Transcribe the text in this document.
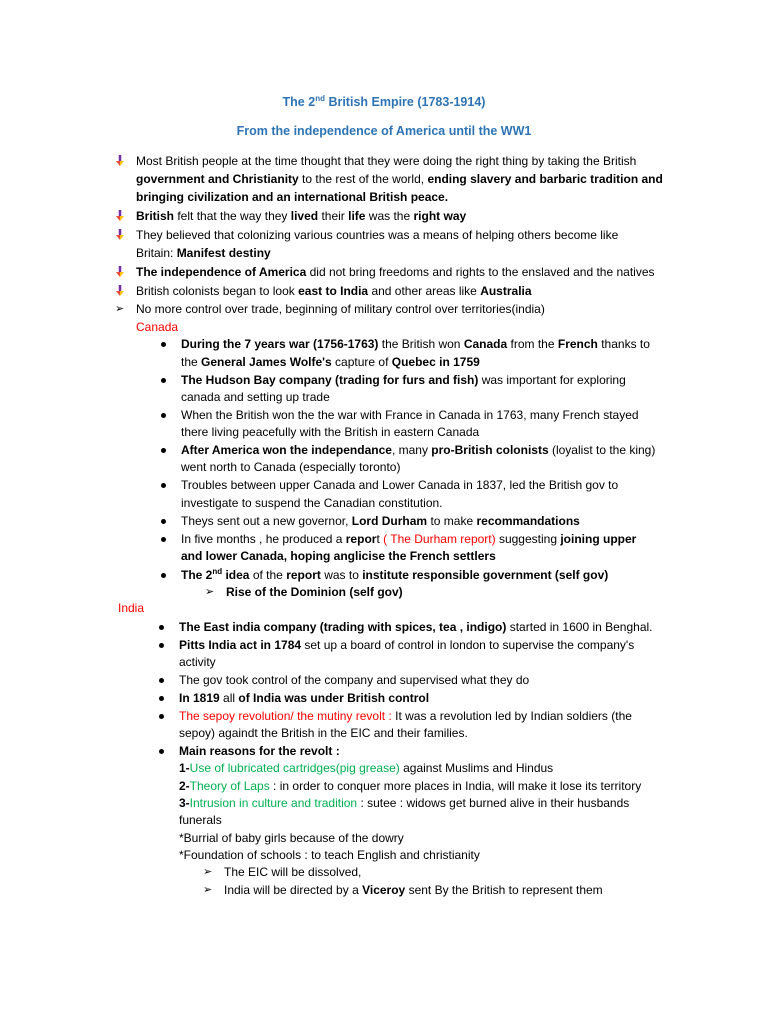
The 2nd British Empire (1783-1914)
From the independence of America until the WW1
Most British people at the time thought that they were doing the right thing by taking the British
government and Christianity to the rest of the world, ending slavery and barbaric tradition and
bringing civilization and an international British peace.
British felt that the way they lived their life was the right way
They believed that colonizing various countries was a means of helping others become like
Britain: Manifest destiny
The independence of America did not bring freedoms and rights to the enslaved and the natives
British colonists began to look east to India and other areas like Australia
➢ No more control over trade, beginning of military control over territories(india)
Canada
During the 7 years war (1756-1763) the British won Canada from the French thanks to
the General James Wolfe's capture of Quebec in 1759
The Hudson Bay company (trading for furs and fish) was important for exploring
canada and setting up trade
When the British won the the war with France in Canada in 1763, many French stayed
there living peacefully with the British in eastern Canada
After America won the independance, many pro-British colonists (loyalist to the king)
went north to Canada (especially toronto)
Troubles between upper Canada and Lower Canada in 1837, led the British gov to
investigate to suspend the Canadian constitution.
Theys sent out a new governor, Lord Durham to make recommandations
In five months , he produced a report ( The Durham report) suggesting joining upper
and lower Canada, hoping anglicise the French settlers
The 2nd idea of the report was to institute responsible government (self gov)
➢ Rise of the Dominion (self gov)
India
The East india company (trading with spices, tea , indigo) started in 1600 in Benghal.
Pitts India act in 1784 set up a board of control in london to supervise the company's
activity
The gov took control of the company and supervised what they do
In 1819 all of India was under British control
The sepoy revolution/ the mutiny revolt : It was a revolution led by Indian soldiers (the
sepoy) againdt the British in the EIC and their families.
Main reasons for the revolt :
1-Use of lubricated cartridges(pig grease) against Muslims and Hindus
2-Theory of Laps : in order to conquer more places in India, will make it lose its territory
3-Intrusion in culture and tradition : sutee : widows get burned alive in their husbands
funerals
*Burrial of baby girls because of the dowry
*Foundation of schools : to teach English and christianity
➢ The EIC will be dissolved,
➢ India will be directed by a Viceroy sent By the British to represent them
